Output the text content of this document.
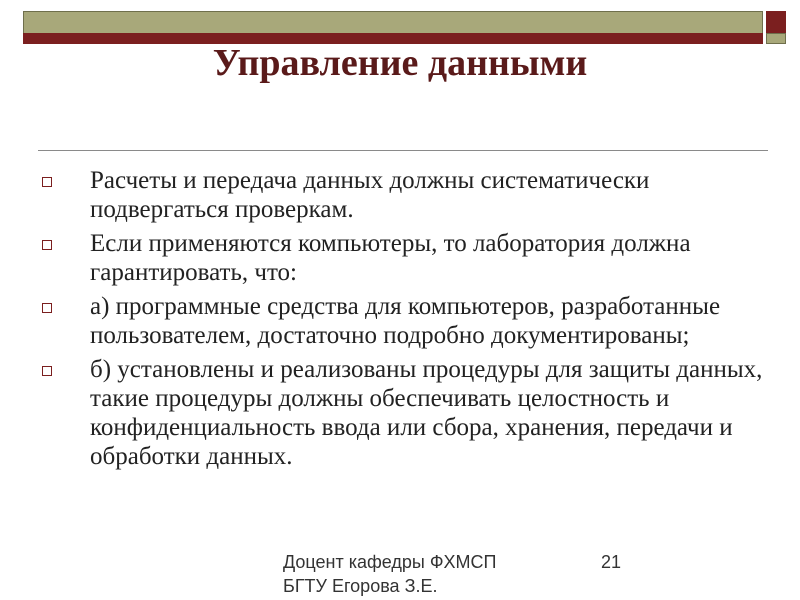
Управление данными
Расчеты и передача данных должны систематически подвергаться проверкам.
Если применяются компьютеры, то лаборатория должна гарантировать, что:
а) программные средства для компьютеров, разработанные пользователем, достаточно подробно документированы;
б) установлены и реализованы процедуры для защиты данных, такие процедуры должны обеспечивать целостность и конфиденциальность ввода или сбора, хранения, передачи и обработки данных.
Доцент кафедры ФХМСП
БГТУ Егорова З.Е.
21
